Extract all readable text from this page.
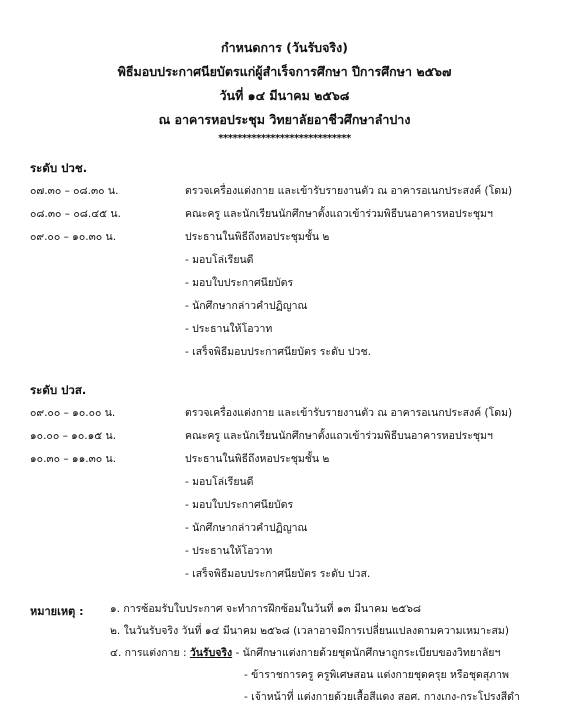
กำหนดการ (วันรับจริง)
พิธีมอบประกาศนียบัตรแก่ผู้สำเร็จการศึกษา ปีการศึกษา ๒๕๖๗
วันที่ ๑๔ มีนาคม ๒๕๖๘
ณ อาคารหอประชุม วิทยาลัยอาชีวศึกษาลำปาง
****************************
ระดับ ปวช.
๐๗.๓๐ – ๐๘.๓๐ น.	ตรวจเครื่องแต่งกาย และเข้ารับรายงานตัว ณ อาคารอเนกประสงค์ (โดม)
๐๘.๓๐ – ๐๘.๔๕ น.	คณะครู และนักเรียนนักศึกษาตั้งแถวเข้าร่วมพิธีบนอาคารหอประชุมฯ
๐๙.๐๐ – ๑๐.๓๐ น.	ประธานในพิธีถึงหอประชุมชั้น ๒
- มอบโล่เรียนดี
- มอบใบประกาศนียบัตร
- นักศึกษากล่าวคำปฏิญาณ
- ประธานให้โอวาท
- เสร็จพิธีมอบประกาศนียบัตร ระดับ ปวช.
ระดับ ปวส.
๐๙.๐๐ – ๑๐.๐๐ น.	ตรวจเครื่องแต่งกาย และเข้ารับรายงานตัว ณ อาคารอเนกประสงค์ (โดม)
๑๐.๐๐ – ๑๐.๑๕ น.	คณะครู และนักเรียนนักศึกษาตั้งแถวเข้าร่วมพิธีบนอาคารหอประชุมฯ
๑๐.๓๐ – ๑๑.๓๐ น.	ประธานในพิธีถึงหอประชุมชั้น ๒
- มอบโล่เรียนดี
- มอบใบประกาศนียบัตร
- นักศึกษากล่าวคำปฏิญาณ
- ประธานให้โอวาท
- เสร็จพิธีมอบประกาศนียบัตร ระดับ ปวส.
หมายเหตุ :	๑. การซ้อมรับใบประกาศ จะทำการฝึกซ้อมในวันที่ ๑๓ มีนาคม ๒๕๖๘
๒. ในวันรับจริง วันที่ ๑๔ มีนาคม ๒๕๖๘ (เวลาอาจมีการเปลี่ยนแปลงตามความเหมาะสม)
๔. การแต่งกาย : วันรับจริง - นักศึกษาแต่งกายด้วยชุดนักศึกษาถูกระเบียบของวิทยาลัยฯ
- ข้าราชการครู ครูพิเศษสอน แต่งกายชุดครุย หรือชุดสุภาพ
- เจ้าหน้าที่ แต่งกายด้วยเสื้อสีแดง สอศ. กางเกง-กระโปรงสีดำ
